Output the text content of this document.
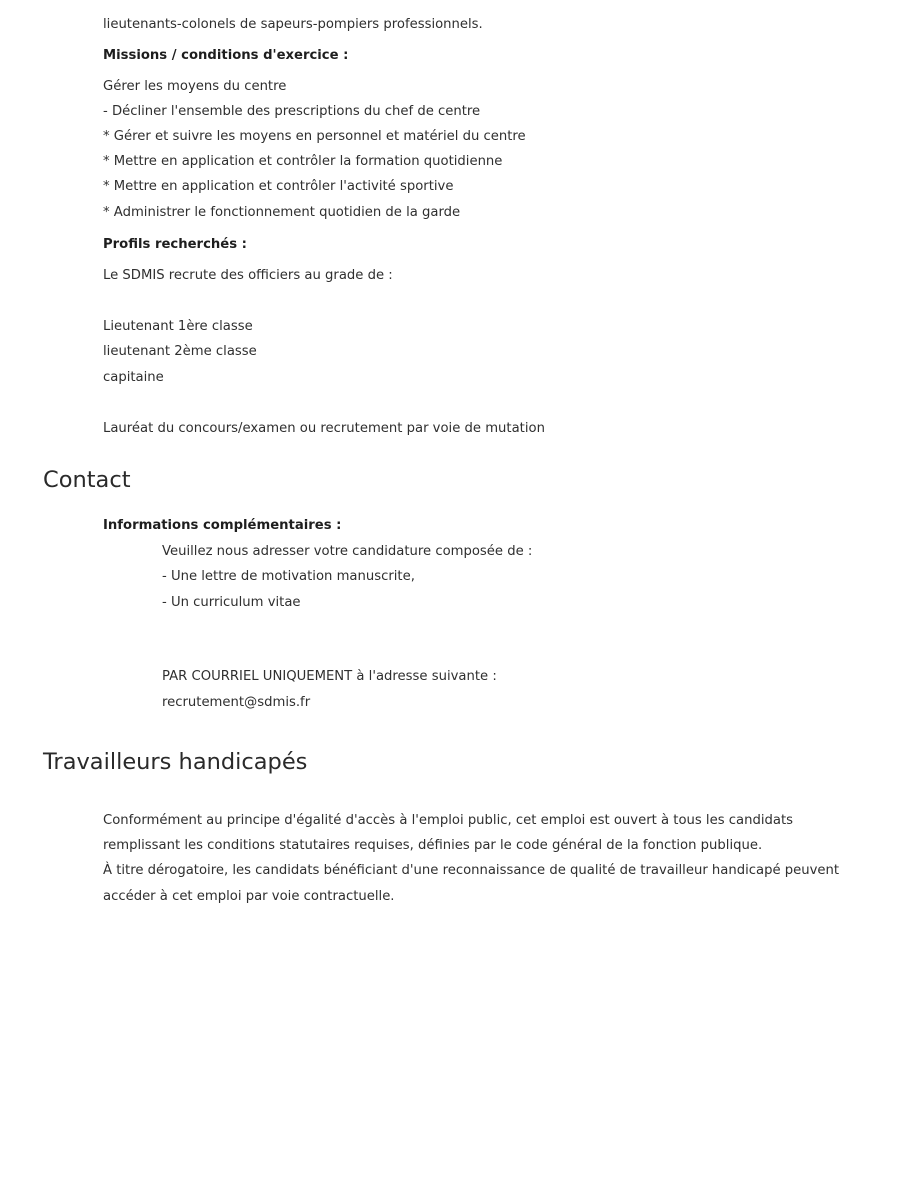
lieutenants-colonels de sapeurs-pompiers professionnels.
Missions / conditions d'exercice :
Gérer les moyens du centre
- Décliner l'ensemble des prescriptions du chef de centre
* Gérer et suivre les moyens en personnel et matériel du centre
* Mettre en application et contrôler la formation quotidienne
* Mettre en application et contrôler l'activité sportive
* Administrer le fonctionnement quotidien de la garde
Profils recherchés :
Le SDMIS recrute des officiers au grade de :
Lieutenant 1ère classe
lieutenant 2ème classe
capitaine
Lauréat du concours/examen ou recrutement par voie de mutation
Contact
Informations complémentaires :
Veuillez nous adresser votre candidature composée de :
- Une lettre de motivation manuscrite,
- Un curriculum vitae
PAR COURRIEL UNIQUEMENT à l'adresse suivante :
recrutement@sdmis.fr
Travailleurs handicapés
Conformément au principe d'égalité d'accès à l'emploi public, cet emploi est ouvert à tous les candidats
remplissant les conditions statutaires requises, définies par le code général de la fonction publique.
À titre dérogatoire, les candidats bénéficiant d'une reconnaissance de qualité de travailleur handicapé peuvent
accéder à cet emploi par voie contractuelle.
